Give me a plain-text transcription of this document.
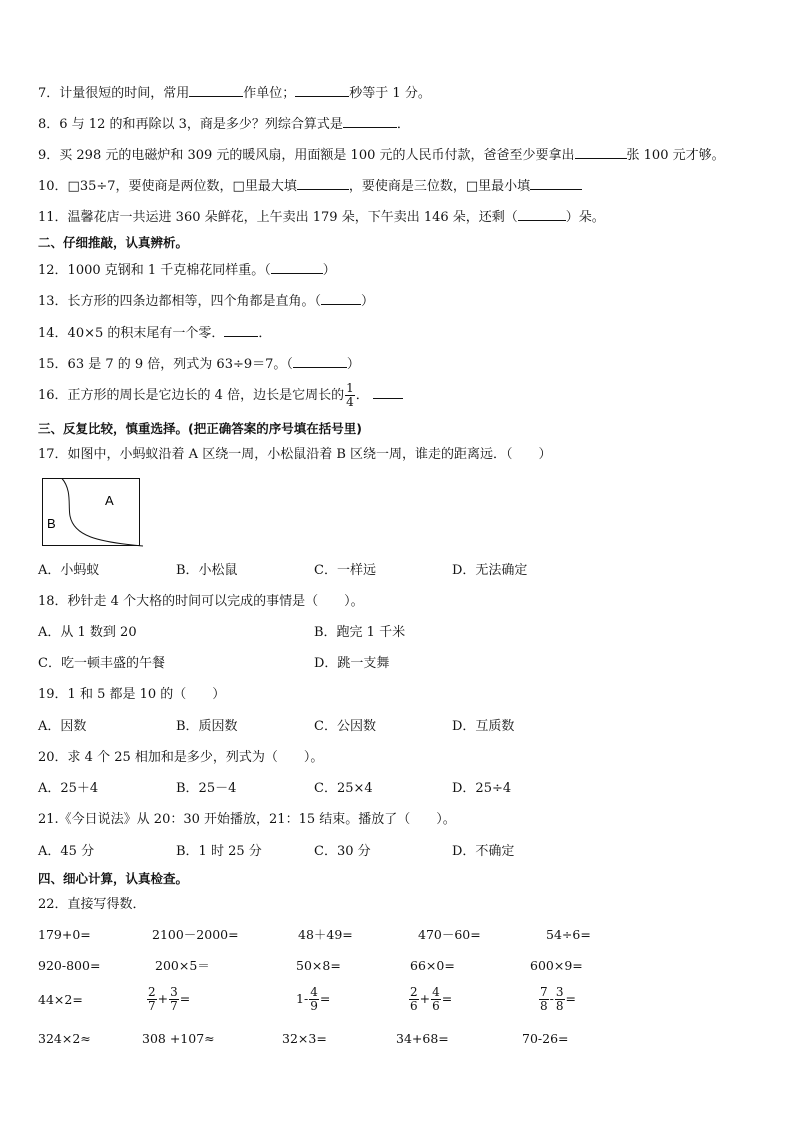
7．计量很短的时间，常用	作单位；	秒等于 1 分。
8．6 与 12 的和再除以 3，商是多少？列综合算式是	．
9．买 298 元的电磁炉和 309 元的暖风扇，用面额是 100 元的人民币付款，爸爸至少要拿出	张 100 元才够。
10．□35÷7，要使商是两位数，□里最大填	，要使商是三位数，□里最小填
11．温馨花店一共运进 360 朵鲜花，上午卖出 179 朵，下午卖出 146 朵，还剩（	）朵。
二、仔细推敲，认真辨析。
12．1000 克钢和 1 千克棉花同样重。（	）
13．长方形的四条边都相等，四个角都是直角。（	）
14．40×5 的积末尾有一个零．	．
15．63 是 7 的 9 倍，列式为 63÷9＝7。（	）
16．正方形的周长是它边长的 4 倍，边长是它周长的 $\frac{1}{4}$ ．
三、反复比较，慎重选择。(把正确答案的序号填在括号里)
17．如图中，小蚂蚁沿着 A 区绕一周，小松鼠沿着 B 区绕一周，谁走的距离远．（　　）
A
B
A．小蚂蚁	B．小松鼠	C．一样远	D．无法确定
18．秒针走 4 个大格的时间可以完成的事情是（　　）。
A．从 1 数到 20	B．跑完 1 千米
C．吃一顿丰盛的午餐	D．跳一支舞
19．1 和 5 都是 10 的（　　）
A．因数	B．质因数	C．公因数	D．互质数
20．求 4 个 25 相加和是多少，列式为（　　）。
A．25＋4	B．25－4	C．25×4	D．25÷4
21.《今日说法》从 20：30 开始播放，21：15 结束。播放了（　　）。
A．45 分	B．1 时 25 分	C．30 分	D．不确定
四、细心计算，认真检查。
22．直接写得数．
179+0=	2100－2000=	48＋49=	470－60=	54÷6=
920-800=	200×5＝	50×8=	66×0=	600×9=
44×2=	$\frac{2}{7} + \frac{3}{7}$ =	$1- \frac{4}{9}$ =	$\frac{2}{6} + \frac{4}{6}$ =	$\frac{7}{8} - \frac{3}{8}$ =
324×2≈	308 +107≈	32×3=	34+68=	70-26=
